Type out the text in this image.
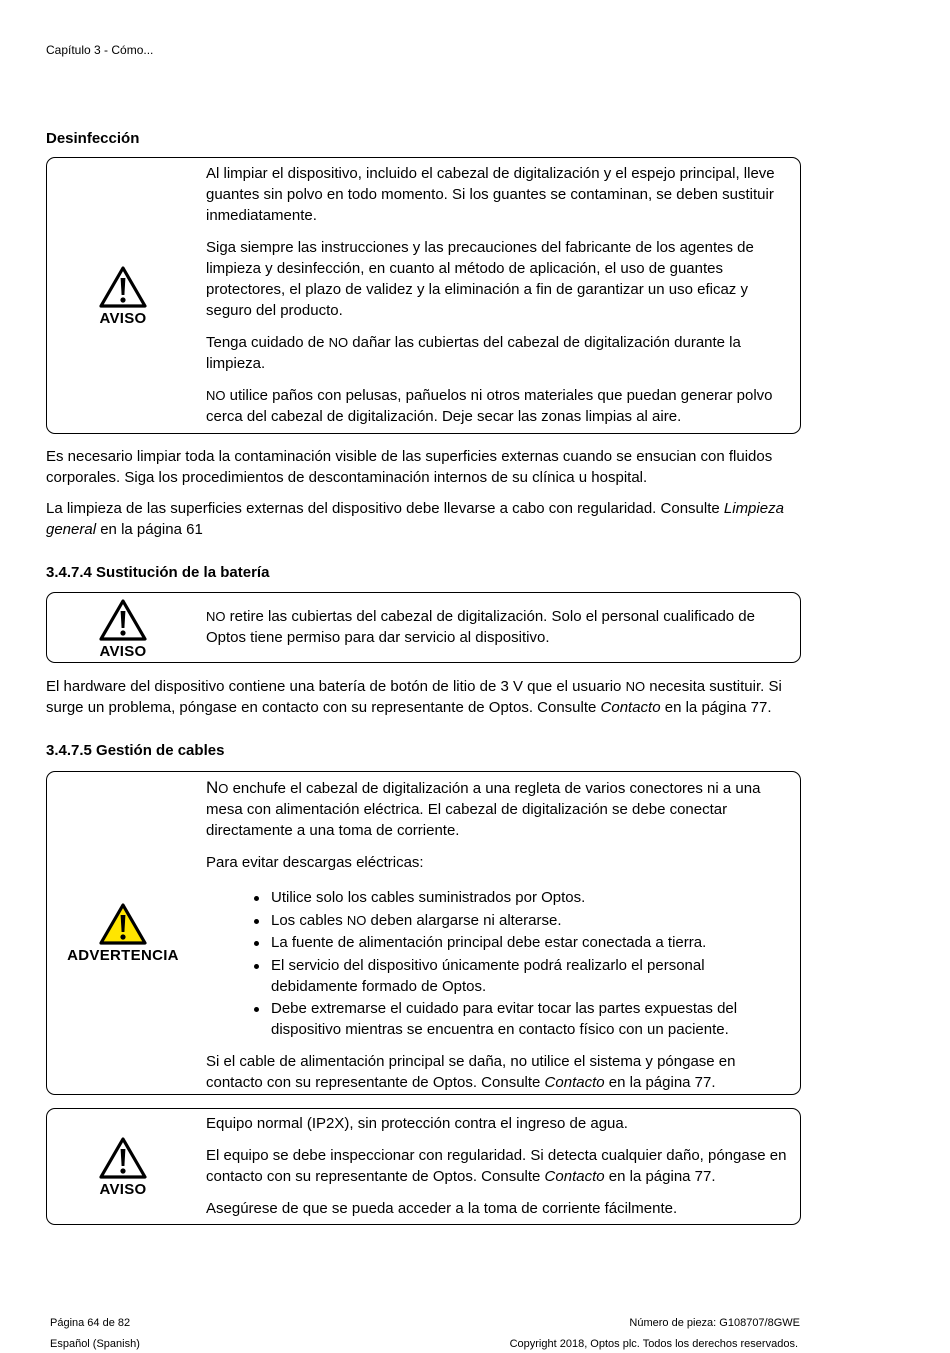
Capítulo 3 - Cómo...
Desinfección
AVISO

Al limpiar el dispositivo, incluido el cabezal de digitalización y el espejo principal, lleve guantes sin polvo en todo momento. Si los guantes se contaminan, se deben sustituir inmediatamente.

Siga siempre las instrucciones y las precauciones del fabricante de los agentes de limpieza y desinfección, en cuanto al método de aplicación, el uso de guantes protectores, el plazo de validez y la eliminación a fin de garantizar un uso eficaz y seguro del producto.

Tenga cuidado de NO dañar las cubiertas del cabezal de digitalización durante la limpieza.

NO utilice paños con pelusas, pañuelos ni otros materiales que puedan generar polvo cerca del cabezal de digitalización. Deje secar las zonas limpias al aire.

Es necesario limpiar toda la contaminación visible de las superficies externas cuando se ensucian con fluidos corporales. Siga los procedimientos de descontaminación internos de su clínica u hospital.

La limpieza de las superficies externas del dispositivo debe llevarse a cabo con regularidad. Consulte Limpieza general en la página 61

3.4.7.4 Sustitución de la batería
AVISO

NO retire las cubiertas del cabezal de digitalización. Solo el personal cualificado de Optos tiene permiso para dar servicio al dispositivo.

El hardware del dispositivo contiene una batería de botón de litio de 3 V que el usuario NO necesita sustituir. Si surge un problema, póngase en contacto con su representante de Optos. Consulte Contacto en la página 77.

3.4.7.5 Gestión de cables
ADVERTENCIA

NO enchufe el cabezal de digitalización a una regleta de varios conectores ni a una mesa con alimentación eléctrica. El cabezal de digitalización se debe conectar directamente a una toma de corriente.

Para evitar descargas eléctricas:

Utilice solo los cables suministrados por Optos.
Los cables NO deben alargarse ni alterarse.
La fuente de alimentación principal debe estar conectada a tierra.
El servicio del dispositivo únicamente podrá realizarlo el personal debidamente formado de Optos.
Debe extremarse el cuidado para evitar tocar las partes expuestas del dispositivo mientras se encuentra en contacto físico con un paciente.

Si el cable de alimentación principal se daña, no utilice el sistema y póngase en contacto con su representante de Optos. Consulte Contacto en la página 77.

AVISO

Equipo normal (IP2X), sin protección contra el ingreso de agua.

El equipo se debe inspeccionar con regularidad. Si detecta cualquier daño, póngase en contacto con su representante de Optos. Consulte Contacto en la página 77.

Asegúrese de que se pueda acceder a la toma de corriente fácilmente.

Página 64 de 82
Español (Spanish)
Número de pieza: G108707/8GWE
Copyright 2018, Optos plc. Todos los derechos reservados.
